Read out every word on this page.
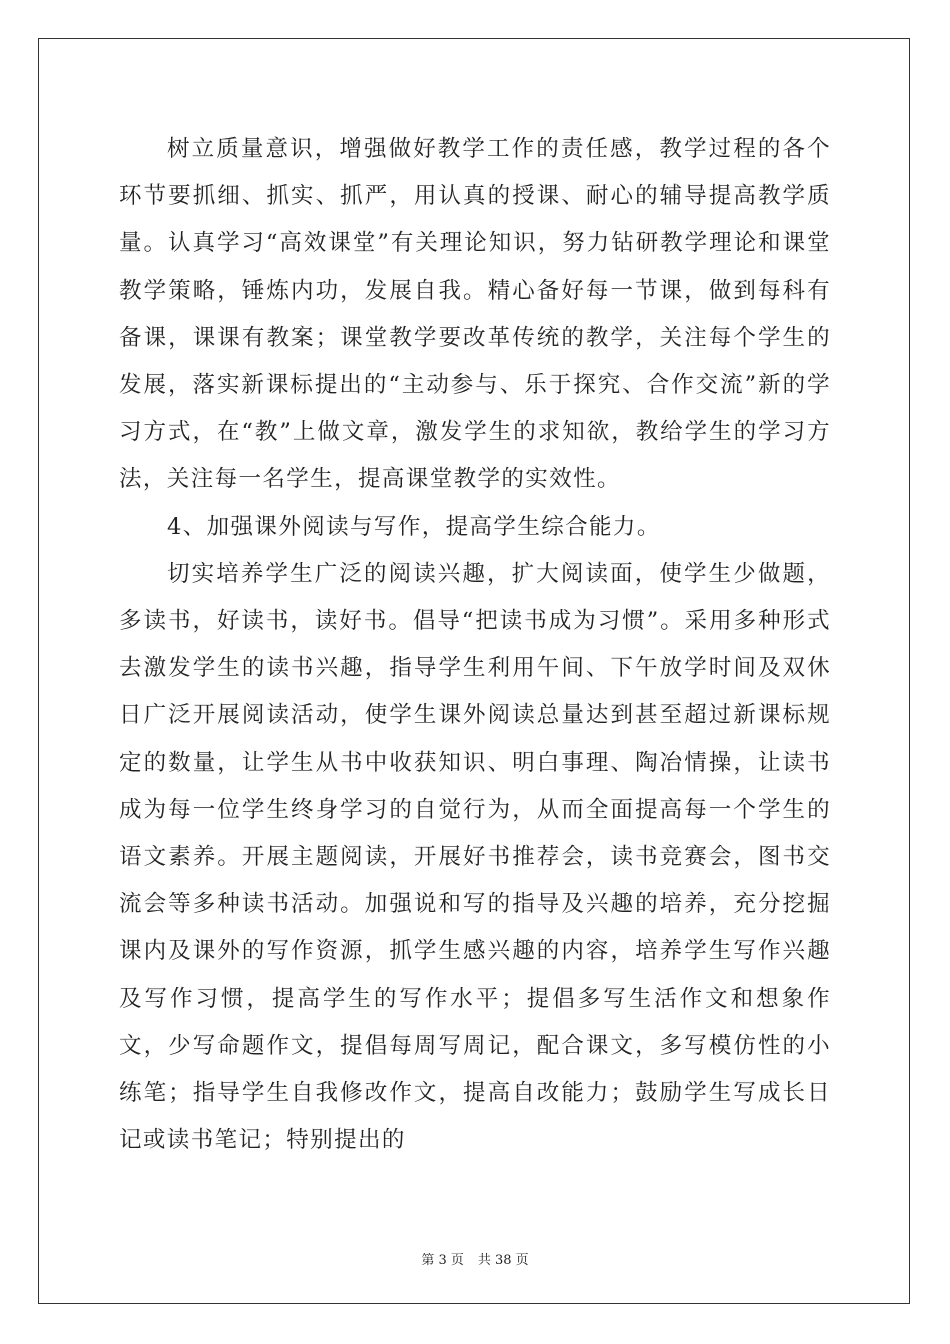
树立质量意识，增强做好教学工作的责任感，教学过程的各个环节要抓细、抓实、抓严，用认真的授课、耐心的辅导提高教学质量。认真学习“高效课堂”有关理论知识，努力钻研教学理论和课堂教学策略，锤炼内功，发展自我。精心备好每一节课，做到每科有备课，课课有教案；课堂教学要改革传统的教学，关注每个学生的发展，落实新课标提出的“主动参与、乐于探究、合作交流”新的学习方式，在“教”上做文章，激发学生的求知欲，教给学生的学习方法，关注每一名学生，提高课堂教学的实效性。

4、加强课外阅读与写作，提高学生综合能力。

切实培养学生广泛的阅读兴趣，扩大阅读面，使学生少做题，多读书，好读书，读好书。倡导“把读书成为习惯”。采用多种形式去激发学生的读书兴趣，指导学生利用午间、下午放学时间及双休日广泛开展阅读活动，使学生课外阅读总量达到甚至超过新课标规定的数量，让学生从书中收获知识、明白事理、陶冶情操，让读书成为每一位学生终身学习的自觉行为，从而全面提高每一个学生的语文素养。开展主题阅读，开展好书推荐会，读书竞赛会，图书交流会等多种读书活动。加强说和写的指导及兴趣的培养，充分挖掘课内及课外的写作资源，抓学生感兴趣的内容，培养学生写作兴趣及写作习惯，提高学生的写作水平；提倡多写生活作文和想象作文，少写命题作文，提倡每周写周记，配合课文，多写模仿性的小练笔；指导学生自我修改作文，提高自改能力；鼓励学生写成长日记或读书笔记；特别提出的

第 3 页 共 38 页
